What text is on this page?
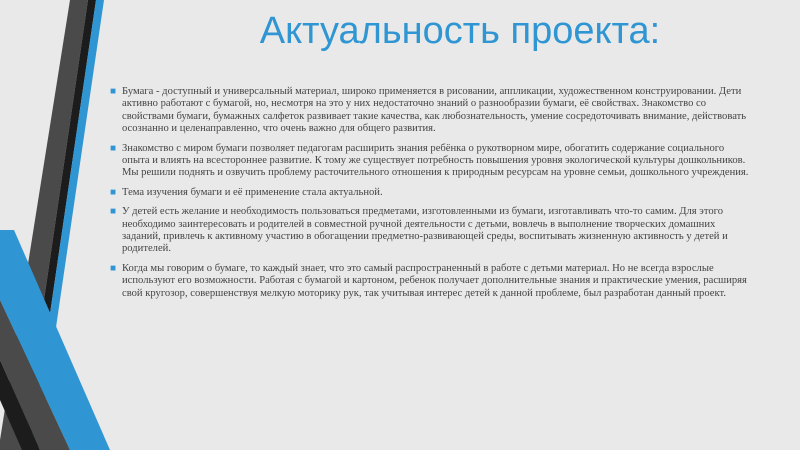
Актуальность проекта:
■ Бумага - доступный и универсальный материал, широко применяется в рисовании, аппликации, художественном конструировании. Дети активно работают с бумагой, но, несмотря на это у них недостаточно знаний о разнообразии бумаги, её свойствах. Знакомство со свойствами бумаги, бумажных салфеток развивает такие качества, как любознательность, умение сосредоточивать внимание, действовать осознанно и целенаправленно, что очень важно для общего развития.
■ Знакомство с миром бумаги позволяет педагогам расширить знания ребёнка о рукотворном мире, обогатить содержание социального опыта и влиять на всестороннее развитие. К тому же существует потребность повышения уровня экологической культуры дошкольников. Мы решили поднять и озвучить проблему расточительного отношения к природным ресурсам на уровне семьи, дошкольного учреждения.
■ Тема изучения бумаги и её применение стала актуальной.
■ У детей есть желание и необходимость пользоваться предметами, изготовленными из бумаги, изготавливать что-то самим. Для этого необходимо заинтересовать и родителей в совместной ручной деятельности с детьми, вовлечь в выполнение творческих домашних заданий, привлечь к активному участию в обогащении предметно-развивающей среды, воспитывать жизненную активность у детей и родителей.
■ Когда мы говорим о бумаге, то каждый знает, что это самый распространенный в работе с детьми материал. Но не всегда взрослые используют его возможности. Работая с бумагой и картоном, ребенок получает дополнительные знания и практические умения, расширяя свой кругозор, совершенствуя мелкую моторику рук, так учитывая интерес детей к данной проблеме, был разработан данный проект.
